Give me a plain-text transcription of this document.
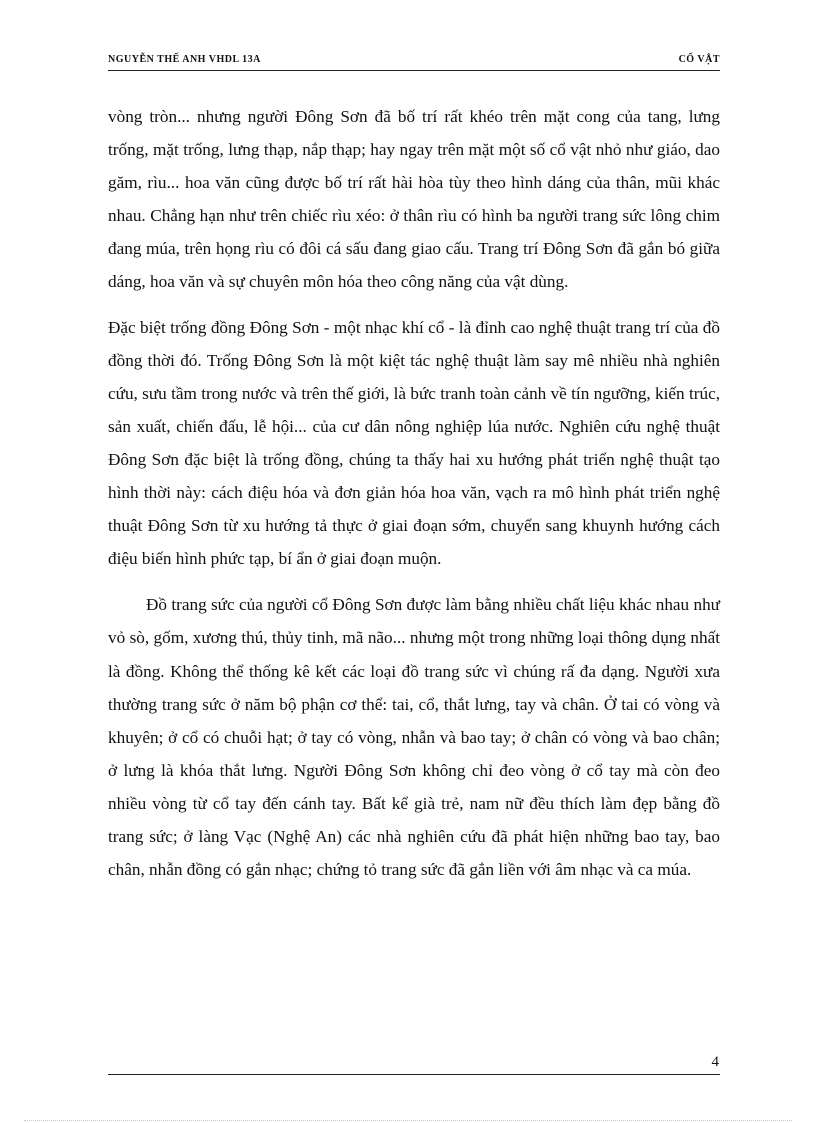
NGUYỄN THẾ ANH VHDL 13A	CỔ VẬT

vòng tròn... nhưng người Đông Sơn đã bố trí rất khéo trên mặt cong của tang, lưng trống, mặt trống, lưng thạp, nắp thạp; hay ngay trên mặt một số cổ vật nhỏ như giáo, dao găm, rìu... hoa văn cũng được bố trí rất hài hòa tùy theo hình dáng của thân, mũi khác nhau. Chẳng hạn như trên chiếc rìu xéo: ở thân rìu có hình ba người trang sức lông chim đang múa, trên họng rìu có đôi cá sấu đang giao cấu. Trang trí Đông Sơn đã gắn bó giữa dáng, hoa văn và sự chuyên môn hóa theo công năng của vật dùng.

Đặc biệt trống đồng Đông Sơn - một nhạc khí cổ - là đỉnh cao nghệ thuật trang trí của đồ đồng thời đó. Trống Đông Sơn là một kiệt tác nghệ thuật làm say mê nhiều nhà nghiên cứu, sưu tầm trong nước và trên thế giới, là bức tranh toàn cảnh về tín ngưỡng, kiến trúc, sản xuất, chiến đấu, lễ hội... của cư dân nông nghiệp lúa nước. Nghiên cứu nghệ thuật Đông Sơn đặc biệt là trống đồng, chúng ta thấy hai xu hướng phát triển nghệ thuật tạo hình thời này: cách điệu hóa và đơn giản hóa hoa văn, vạch ra mô hình phát triển nghệ thuật Đông Sơn từ xu hướng tả thực ở giai đoạn sớm, chuyển sang khuynh hướng cách điệu biến hình phức tạp, bí ẩn ở giai đoạn muộn.

Đồ trang sức của người cổ Đông Sơn được làm bằng nhiều chất liệu khác nhau như vỏ sò, gốm, xương thú, thủy tinh, mã não... nhưng một trong những loại thông dụng nhất là đồng. Không thể thống kê kết các loại đồ trang sức vì chúng rấ đa dạng. Người xưa thường trang sức ở năm bộ phận cơ thể: tai, cổ, thắt lưng, tay và chân. Ở tai có vòng và khuyên; ở cổ có chuỗi hạt; ở tay có vòng, nhẫn và bao tay; ở chân có vòng và bao chân; ở lưng là khóa thắt lưng. Người Đông Sơn không chỉ đeo vòng ở cổ tay mà còn đeo nhiều vòng từ cổ tay đến cánh tay. Bất kể già trẻ, nam nữ đều thích làm đẹp bằng đồ trang sức; ở làng Vạc (Nghệ An) các nhà nghiên cứu đã phát hiện những bao tay, bao chân, nhẫn đồng có gắn nhạc; chứng tỏ trang sức đã gắn liền với âm nhạc và ca múa.

4
